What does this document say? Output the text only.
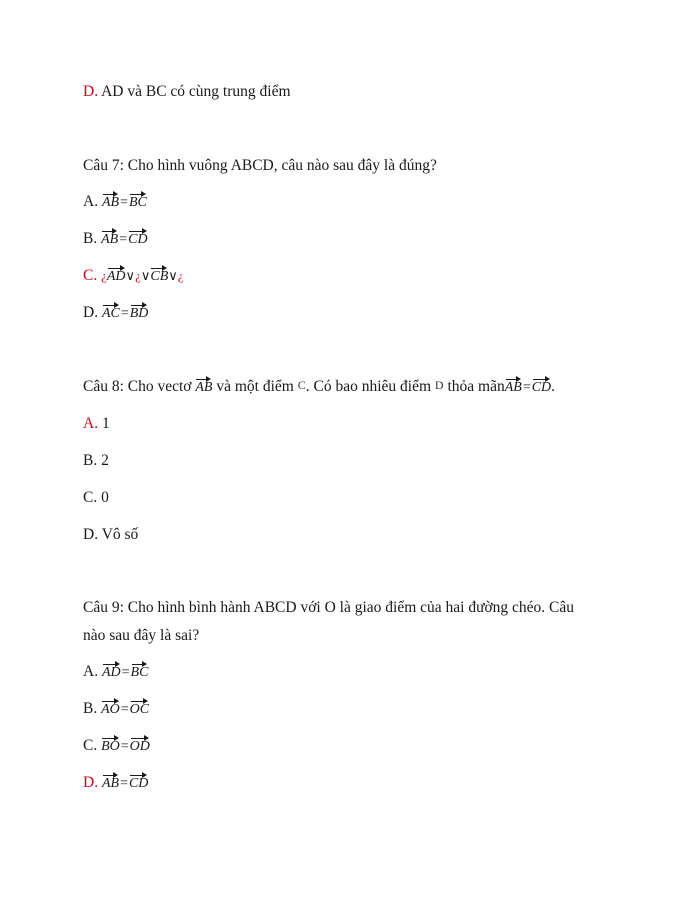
D. AD và BC có cùng trung điểm
Câu 7: Cho hình vuông ABCD, câu nào sau đây là đúng?
A. AB=BC
B. AB=CD
C. ¿AD∨¿∨CB∨¿
D. AC=BD
Câu 8: Cho vectơ AB và một điểm C. Có bao nhiêu điểm D thỏa mãnAB=CD.
A. 1
B. 2
C. 0
D. Vô số
Câu 9: Cho hình bình hành ABCD với O là giao điểm của hai đường chéo. Câu
nào sau đây là sai?
A. AD=BC
B. AO=OC
C. BO=OD
D. AB=CD
